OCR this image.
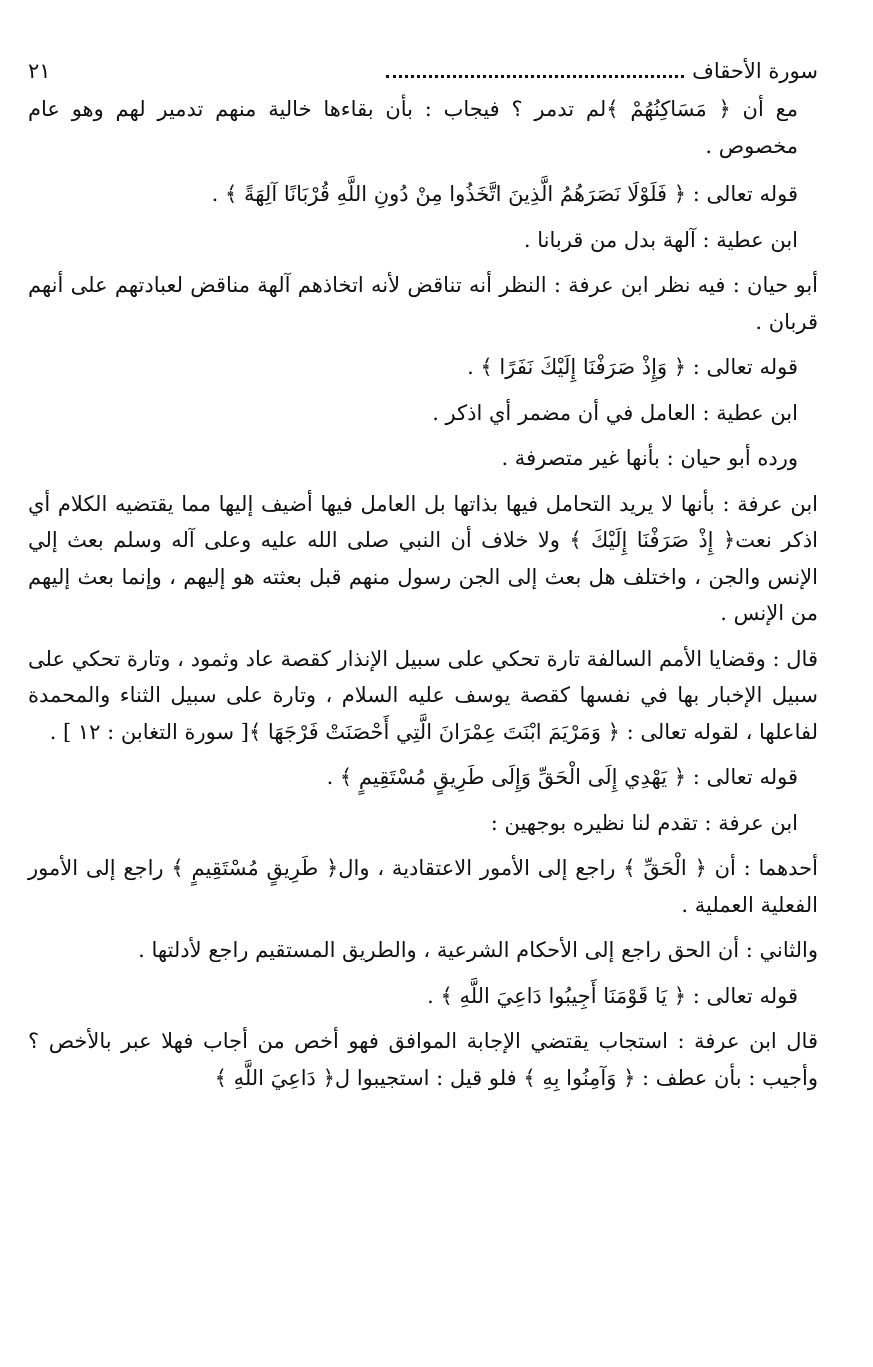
سورة الأحقاف
٢١

مع أن ﴿ مَسَاكِنُهُمْ ﴾لم تدمر ؟ فيجاب : بأن بقاءها خالية منهم تدمير لهم وهو عام مخصوص .

قوله تعالى : ﴿ فَلَوْلَا نَصَرَهُمُ الَّذِينَ اتَّخَذُوا مِنْ دُونِ اللَّهِ قُرْبَانًا آلِهَةً ﴾ .

ابن عطية : آلهة بدل من قربانا .

أبو حيان : فيه نظر ابن عرفة : النظر أنه تناقض لأنه اتخاذهم آلهة مناقض لعبادتهم على أنهم قربان .

قوله تعالى : ﴿ وَإِذْ صَرَفْنَا إِلَيْكَ نَفَرًا ﴾ .

ابن عطية : العامل في أن مضمر أي اذكر .

ورده أبو حيان : بأنها غير متصرفة .

ابن عرفة : بأنها لا يريد التحامل فيها بذاتها بل العامل فيها أضيف إليها مما يقتضيه الكلام أي اذكر نعت﴿ إِذْ صَرَفْنَا إِلَيْكَ ﴾ ولا خلاف أن النبي صلى الله عليه وعلى آله وسلم بعث إلي الإنس والجن ، واختلف هل بعث إلى الجن رسول منهم قبل بعثته هو إليهم ، وإنما بعث إليهم من الإنس .

قال : وقضايا الأمم السالفة تارة تحكي على سبيل الإنذار كقصة عاد وثمود ، وتارة تحكي على سبيل الإخبار بها في نفسها كقصة يوسف عليه السلام ، وتارة على سبيل الثناء والمحمدة لفاعلها ، لقوله تعالى : ﴿ وَمَرْيَمَ ابْنَتَ عِمْرَانَ الَّتِي أَحْصَنَتْ فَرْجَهَا ﴾[ سورة التغابن : ١٢ ] .

قوله تعالى : ﴿ يَهْدِي إِلَى الْحَقِّ وَإِلَى طَرِيقٍ مُسْتَقِيمٍ ﴾ .

ابن عرفة : تقدم لنا نظيره بوجهين :

أحدهما : أن ﴿ الْحَقِّ ﴾ راجع إلى الأمور الاعتقادية ، وال﴿ طَرِيقٍ مُسْتَقِيمٍ ﴾ راجع إلى الأمور الفعلية العملية .

والثاني : أن الحق راجع إلى الأحكام الشرعية ، والطريق المستقيم راجع لأدلتها .

قوله تعالى : ﴿ يَا قَوْمَنَا أَجِيبُوا دَاعِيَ اللَّهِ ﴾ .

قال ابن عرفة : استجاب يقتضي الإجابة الموافق فهو أخص من أجاب فهلا عبر بالأخص ؟ وأجيب : بأن عطف : ﴿ وَآمِنُوا بِهِ ﴾ فلو قيل : استجيبوا ل﴿ دَاعِيَ اللَّهِ ﴾
